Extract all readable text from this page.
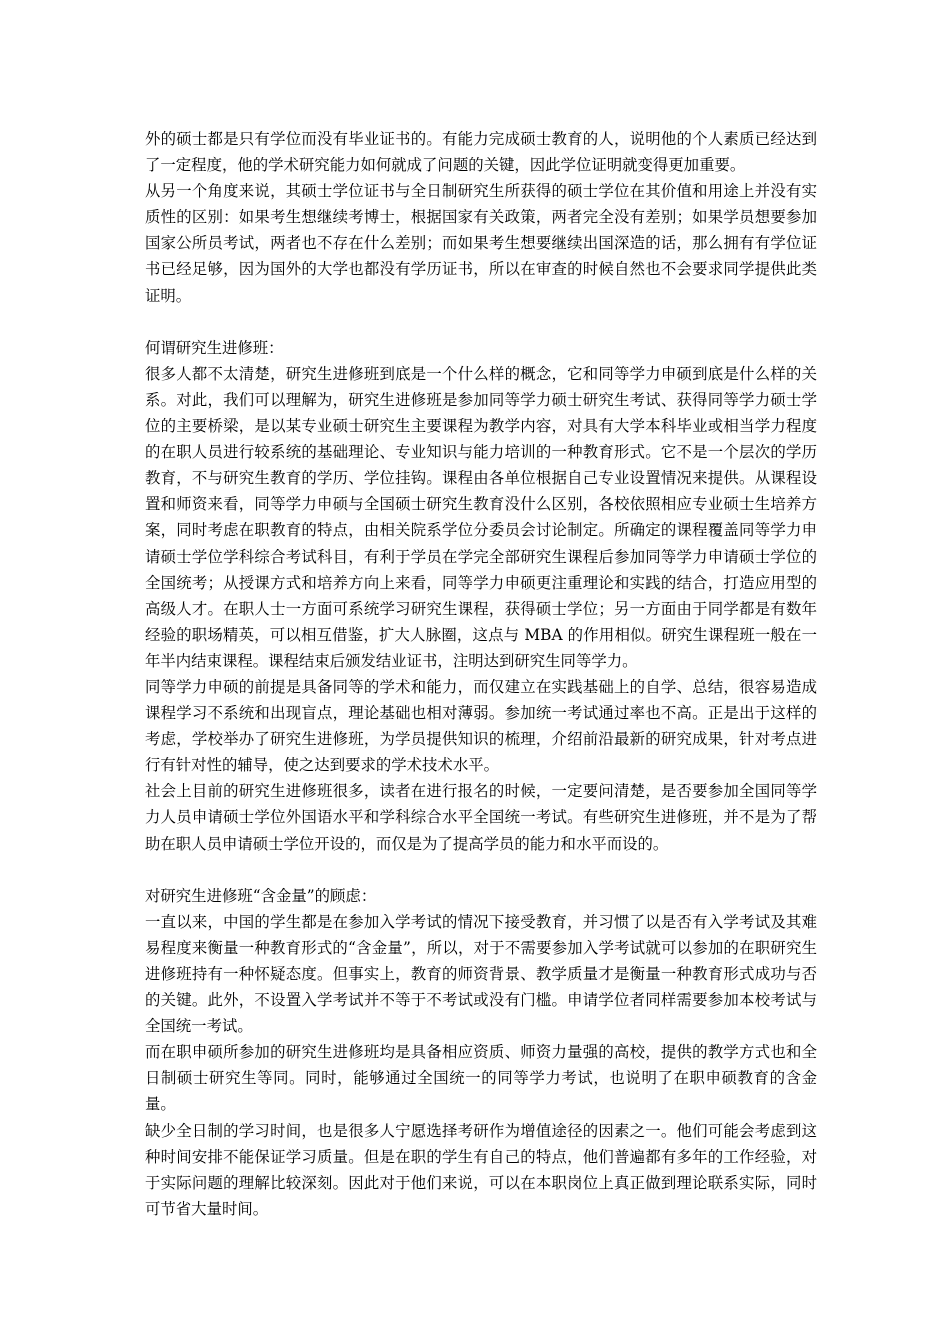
外的硕士都是只有学位而没有毕业证书的。有能力完成硕士教育的人，说明他的个人素质已经达到了一定程度，他的学术研究能力如何就成了问题的关键，因此学位证明就变得更加重要。

从另一个角度来说，其硕士学位证书与全日制研究生所获得的硕士学位在其价值和用途上并没有实质性的区别：如果考生想继续考博士，根据国家有关政策，两者完全没有差别；如果学员想要参加国家公所员考试，两者也不存在什么差别；而如果考生想要继续出国深造的话，那么拥有有学位证书已经足够，因为国外的大学也都没有学历证书，所以在审查的时候自然也不会要求同学提供此类证明。

何谓研究生进修班：

很多人都不太清楚，研究生进修班到底是一个什么样的概念，它和同等学力申硕到底是什么样的关系。对此，我们可以理解为，研究生进修班是参加同等学力硕士研究生考试、获得同等学力硕士学位的主要桥梁，是以某专业硕士研究生主要课程为教学内容，对具有大学本科毕业或相当学力程度的在职人员进行较系统的基础理论、专业知识与能力培训的一种教育形式。它不是一个层次的学历教育，不与研究生教育的学历、学位挂钩。课程由各单位根据自己专业设置情况来提供。从课程设置和师资来看，同等学力申硕与全国硕士研究生教育没什么区别，各校依照相应专业硕士生培养方案，同时考虑在职教育的特点，由相关院系学位分委员会讨论制定。所确定的课程覆盖同等学力申请硕士学位学科综合考试科目，有利于学员在学完全部研究生课程后参加同等学力申请硕士学位的全国统考；从授课方式和培养方向上来看，同等学力申硕更注重理论和实践的结合，打造应用型的高级人才。在职人士一方面可系统学习研究生课程，获得硕士学位；另一方面由于同学都是有数年经验的职场精英，可以相互借鉴，扩大人脉圈，这点与 MBA 的作用相似。研究生课程班一般在一年半内结束课程。课程结束后颁发结业证书，注明达到研究生同等学力。

同等学力申硕的前提是具备同等的学术和能力，而仅建立在实践基础上的自学、总结，很容易造成课程学习不系统和出现盲点，理论基础也相对薄弱。参加统一考试通过率也不高。正是出于这样的考虑，学校举办了研究生进修班，为学员提供知识的梳理，介绍前沿最新的研究成果，针对考点进行有针对性的辅导，使之达到要求的学术技术水平。

社会上目前的研究生进修班很多，读者在进行报名的时候，一定要问清楚，是否要参加全国同等学力人员申请硕士学位外国语水平和学科综合水平全国统一考试。有些研究生进修班，并不是为了帮助在职人员申请硕士学位开设的，而仅是为了提高学员的能力和水平而设的。

对研究生进修班“含金量”的顾虑：

一直以来，中国的学生都是在参加入学考试的情况下接受教育，并习惯了以是否有入学考试及其难易程度来衡量一种教育形式的“含金量”，所以，对于不需要参加入学考试就可以参加的在职研究生进修班持有一种怀疑态度。但事实上，教育的师资背景、教学质量才是衡量一种教育形式成功与否的关键。此外，不设置入学考试并不等于不考试或没有门槛。申请学位者同样需要参加本校考试与全国统一考试。

而在职申硕所参加的研究生进修班均是具备相应资质、师资力量强的高校，提供的教学方式也和全日制硕士研究生等同。同时，能够通过全国统一的同等学力考试，也说明了在职申硕教育的含金量。

缺少全日制的学习时间，也是很多人宁愿选择考研作为增值途径的因素之一。他们可能会考虑到这种时间安排不能保证学习质量。但是在职的学生有自己的特点，他们普遍都有多年的工作经验，对于实际问题的理解比较深刻。因此对于他们来说，可以在本职岗位上真正做到理论联系实际，同时可节省大量时间。
